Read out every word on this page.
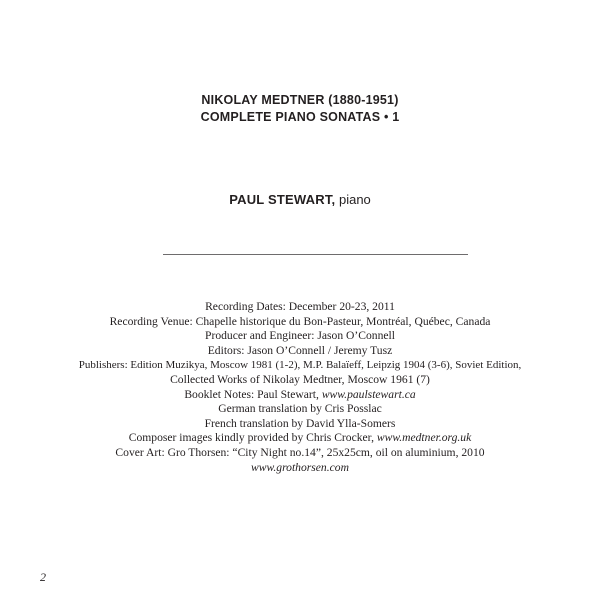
NIKOLAY MEDTNER (1880-1951)
COMPLETE PIANO SONATAS • 1
PAUL STEWART, piano
Recording Dates: December 20-23, 2011
Recording Venue: Chapelle historique du Bon-Pasteur, Montréal, Québec, Canada
Producer and Engineer: Jason O’Connell
Editors: Jason O’Connell / Jeremy Tusz
Publishers: Edition Muzikya, Moscow 1981 (1-2), M.P. Balaïeff, Leipzig 1904 (3-6), Soviet Edition,
Collected Works of Nikolay Medtner, Moscow 1961 (7)
Booklet Notes: Paul Stewart, www.paulstewart.ca
German translation by Cris Posslac
French translation by David Ylla-Somers
Composer images kindly provided by Chris Crocker, www.medtner.org.uk
Cover Art: Gro Thorsen: “City Night no.14”, 25x25cm, oil on aluminium, 2010
www.grothorsen.com
2
